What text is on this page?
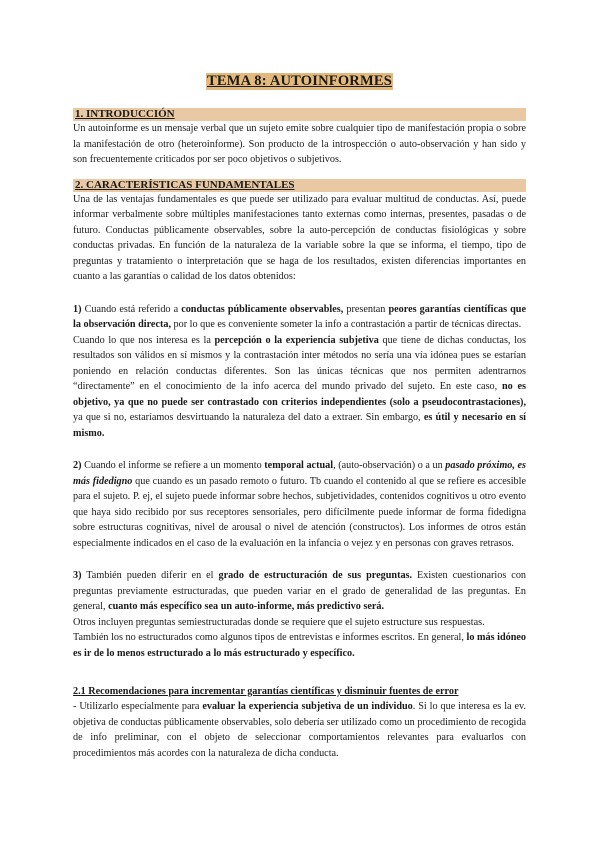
TEMA 8: AUTOINFORMES
1. INTRODUCCIÓN

Un autoinforme es un mensaje verbal que un sujeto emite sobre cualquier tipo de manifestación propia o sobre la manifestación de otro (heteroinforme). Son producto de la introspección o auto-observación y han sido y son frecuentemente criticados por ser poco objetivos o subjetivos.

2. CARACTERÍSTICAS FUNDAMENTALES

Una de las ventajas fundamentales es que puede ser utilizado para evaluar multitud de conductas. Así, puede informar verbalmente sobre múltiples manifestaciones tanto externas como internas, presentes, pasadas o de futuro. Conductas públicamente observables, sobre la auto-percepción de conductas fisiológicas y sobre conductas privadas. En función de la naturaleza de la variable sobre la que se informa, el tiempo, tipo de preguntas y tratamiento o interpretación que se haga de los resultados, existen diferencias importantes en cuanto a las garantías o calidad de los datos obtenidos:

1) Cuando está referido a conductas públicamente observables, presentan peores garantías científicas que la observación directa, por lo que es conveniente someter la info a contrastación a partir de técnicas directas.

Cuando lo que nos interesa es la percepción o la experiencia subjetiva que tiene de dichas conductas, los resultados son válidos en sí mismos y la contrastación inter métodos no sería una vía idónea pues se estarían poniendo en relación conductas diferentes. Son las únicas técnicas que nos permiten adentrarnos “directamente” en el conocimiento de la info acerca del mundo privado del sujeto. En este caso, no es objetivo, ya que no puede ser contrastado con criterios independientes (solo a pseudocontrastaciones), ya que si no, estaríamos desvirtuando la naturaleza del dato a extraer. Sin embargo, es útil y necesario en sí mismo.

2) Cuando el informe se refiere a un momento temporal actual, (auto-observación) o a un pasado próximo, es más fidedigno que cuando es un pasado remoto o futuro. Tb cuando el contenido al que se refiere es accesible para el sujeto. P. ej, el sujeto puede informar sobre hechos, subjetividades, contenidos cognitivos u otro evento que haya sido recibido por sus receptores sensoriales, pero difícilmente puede informar de forma fidedigna sobre estructuras cognitivas, nivel de arousal o nivel de atención (constructos). Los informes de otros están especialmente indicados en el caso de la evaluación en la infancia o vejez y en personas con graves retrasos.

3) También pueden diferir en el grado de estructuración de sus preguntas. Existen cuestionarios con preguntas previamente estructuradas, que pueden variar en el grado de generalidad de las preguntas. En general, cuanto más específico sea un auto-informe, más predictivo será.

Otros incluyen preguntas semiestructuradas donde se requiere que el sujeto estructure sus respuestas.

También los no estructurados como algunos tipos de entrevistas e informes escritos. En general, lo más idóneo es ir de lo menos estructurado a lo más estructurado y específico.

2.1 Recomendaciones para incrementar garantías científicas y disminuir fuentes de error

- Utilizarlo especialmente para evaluar la experiencia subjetiva de un individuo. Si lo que interesa es la ev. objetiva de conductas públicamente observables, solo debería ser utilizado como un procedimiento de recogida de info preliminar, con el objeto de seleccionar comportamientos relevantes para evaluarlos con procedimientos más acordes con la naturaleza de dicha conducta.
